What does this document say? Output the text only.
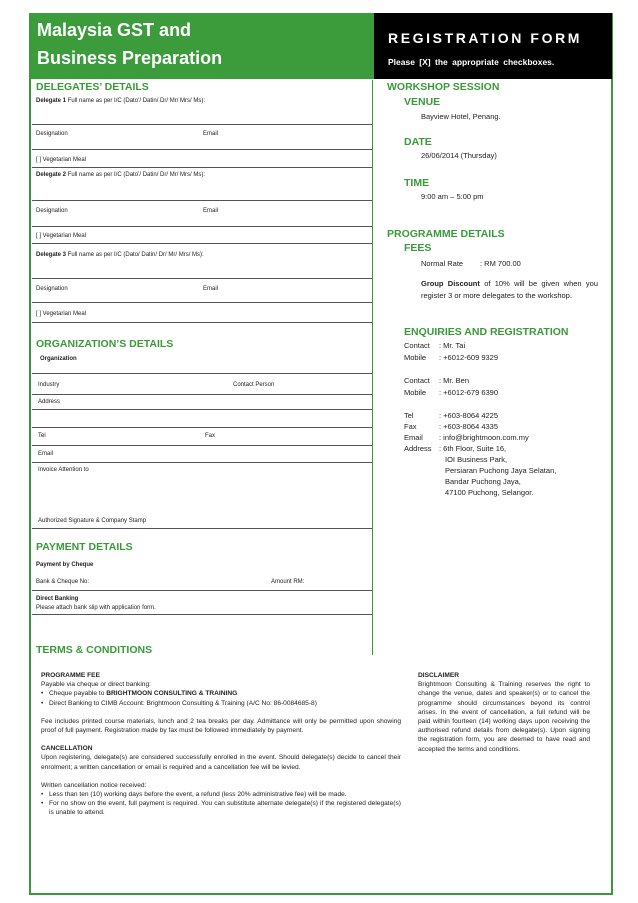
Malaysia GST and
Business Preparation
REGISTRATION FORM
Please [X] the appropriate checkboxes.
DELEGATES’ DETAILS
Delegate 1 Full name as per I/C (Dato’/ Datin/ Dr/ Mr/ Mrs/ Ms):
Designation	Email
[ ] Vegetarian Meal
Delegate 2 Full name as per I/C (Dato’/ Datin/ Dr/ Mr/ Mrs/ Ms):
Designation	Email
[ ] Vegetarian Meal
Delegate 3 Full name as per I/C (Dato/ Datin/ Dr/ Mr/ Mrs/ Ms):
Designation	Email
[ ] Vegetarian Meal
ORGANIZATION’S DETAILS
Organization
Industry	Contact Person
Address
Tel	Fax
Email
Invoice Attention to
Authorized Signature & Company Stamp
PAYMENT DETAILS
Payment by Cheque
Bank & Cheque No:	Amount RM:
Direct Banking
Please attach bank slip with application form.
WORKSHOP SESSION
VENUE
Bayview Hotel, Penang.
DATE
26/06/2014 (Thursday)
TIME
9:00 am – 5:00 pm
PROGRAMME DETAILS
FEES
Normal Rate : RM 700.00
Group Discount of 10% will be given when you register 3 or more delegates to the workshop.
ENQUIRIES AND REGISTRATION
Contact : Mr. Tai
Mobile : +6012-609 9329
Contact : Mr. Ben
Mobile : +6012-679 6390
Tel	: +603-8064 4225
Fax	: +603-8064 4335
Email : info@brightmoon.com.my
Address : 6th Floor, Suite 16,
IOI Business Park,
Persiaran Puchong Jaya Selatan,
Bandar Puchong Jaya,
47100 Puchong, Selangor.
TERMS & CONDITIONS
PROGRAMME FEE
Payable via cheque or direct banking:
• Cheque payable to BRIGHTMOON CONSULTING & TRAINING
• Direct Banking to CIMB Account: Brightmoon Consulting & Training (A/C No: 86-0084685-8)
Fee includes printed course materials, lunch and 2 tea breaks per day. Admittance will only be permitted upon showing proof of full payment. Registration made by fax must be followed immediately by payment.
CANCELLATION
Upon registering, delegate(s) are considered successfully enrolled in the event. Should delegate(s) decide to cancel their enrolment; a written cancellation or email is required and a cancellation fee will be levied.
Written cancellation notice received:
• Less than ten (10) working days before the event, a refund (less 20% administrative fee) will be made.
• For no show on the event, full payment is required. You can substitute alternate delegate(s) if the registered delegate(s) is unable to attend.
DISCLAIMER
Brightmoon Consulting & Training reserves the right to change the venue, dates and speaker(s) or to cancel the programme should circumstances beyond its control arises. In the event of cancellation, a full refund will be paid within fourteen (14) working days upon receiving the authorised refund details from delegate(s). Upon signing the registration form, you are deemed to have read and accepted the terms and conditions.
